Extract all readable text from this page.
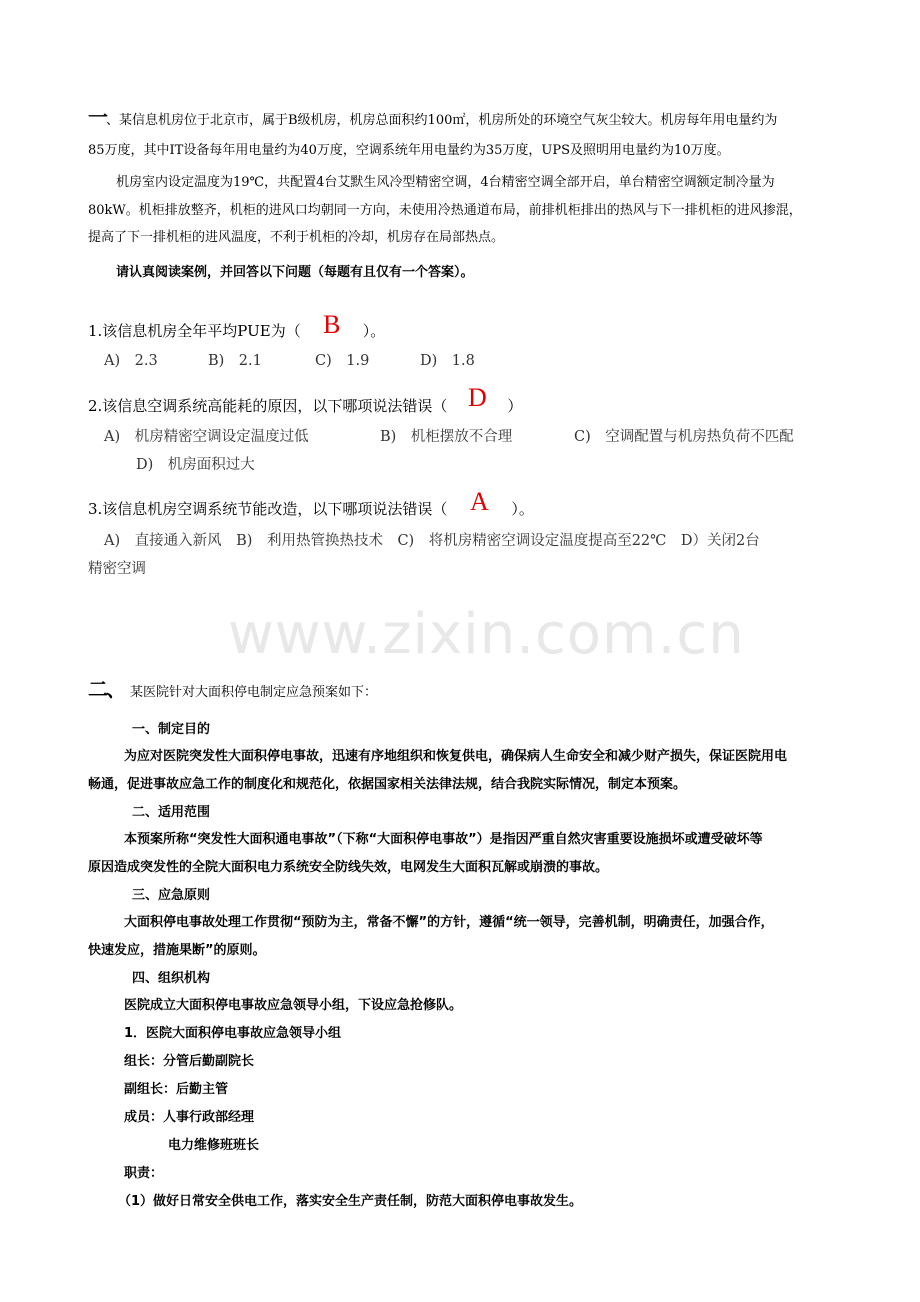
一、某信息机房位于北京市，属于B级机房，机房总面积约100㎡，机房所处的环境空气灰尘较大。机房每年用电量约为
85万度，其中IT设备每年用电量约为40万度，空调系统年用电量约为35万度，UPS及照明用电量约为10万度。
机房室内设定温度为19℃，共配置4台艾默生风冷型精密空调，4台精密空调全部开启，单台精密空调额定制冷量为
80kW。机柜排放整齐，机柜的进风口均朝同一方向，未使用冷热通道布局，前排机柜排出的热风与下一排机柜的进风掺混，
提高了下一排机柜的进风温度，不利于机柜的冷却，机房存在局部热点。
请认真阅读案例，并回答以下问题（每题有且仅有一个答案）。
1.该信息机房全年平均PUE为（ B ）。
A)　2.3	B)　2.1	C)　1.9	D)　1.8
2.该信息空调系统高能耗的原因，以下哪项说法错误（ D ）
A)　机房精密空调设定温度过低	B)　机柜摆放不合理	C)　空调配置与机房热负荷不匹配
D)　机房面积过大
3.该信息机房空调系统节能改造，以下哪项说法错误（ A ）。
A)　直接通入新风　B)　利用热管换热技术　C)　将机房精密空调设定温度提高至22℃　D）关闭2台
精密空调
www.zixin.com.cn
二、 某医院针对大面积停电制定应急预案如下：
一、制定目的
为应对医院突发性大面积停电事故，迅速有序地组织和恢复供电，确保病人生命安全和减少财产损失，保证医院用电
畅通，促进事故应急工作的制度化和规范化，依据国家相关法律法规，结合我院实际情况，制定本预案。
二、适用范围
本预案所称“突发性大面积通电事故”（下称“大面积停电事故”）是指因严重自然灾害重要设施损坏或遭受破坏等
原因造成突发性的全院大面积电力系统安全防线失效，电网发生大面积瓦解或崩溃的事故。
三、应急原则
大面积停电事故处理工作贯彻“预防为主，常备不懈”的方针，遵循“统一领导，完善机制，明确责任，加强合作，
快速发应，措施果断”的原则。
四、组织机构
医院成立大面积停电事故应急领导小组，下设应急抢修队。
1．医院大面积停电事故应急领导小组
组长：分管后勤副院长
副组长：后勤主管
成员：人事行政部经理
电力维修班班长
职责：
（1）做好日常安全供电工作，落实安全生产责任制，防范大面积停电事故发生。
